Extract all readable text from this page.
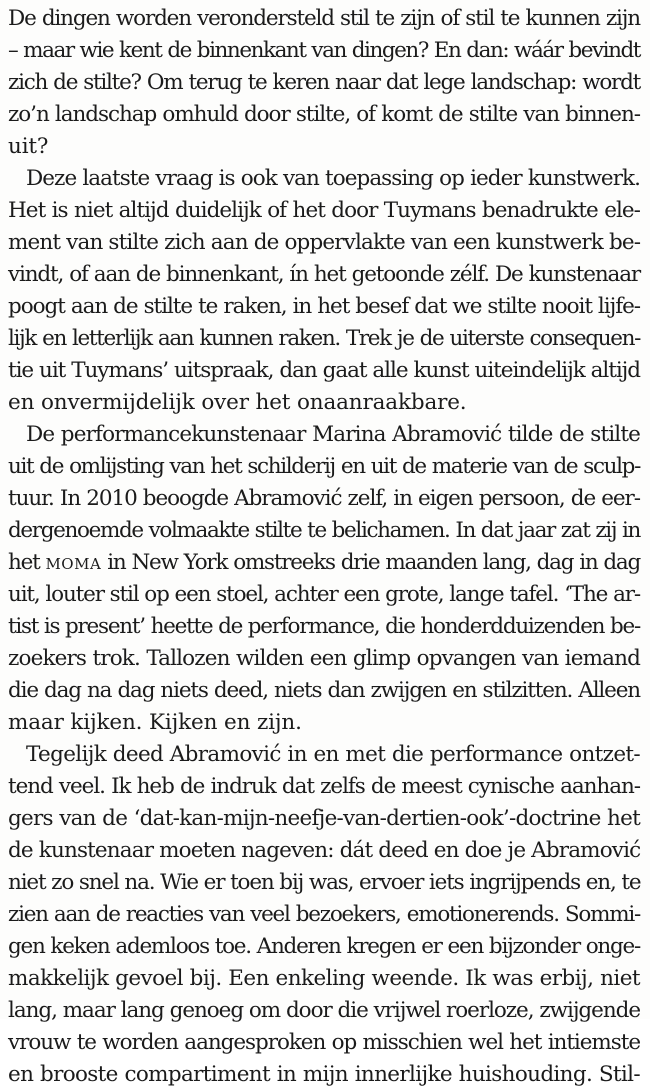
De dingen worden verondersteld stil te zijn of stil te kunnen zijn
– maar wie kent de binnenkant van dingen? En dan: wáár bevindt
zich de stilte? Om terug te keren naar dat lege landschap: wordt
zo’n landschap omhuld door stilte, of komt de stilte van binnen-
uit?
Deze laatste vraag is ook van toepassing op ieder kunstwerk.
Het is niet altijd duidelijk of het door Tuymans benadrukte ele-
ment van stilte zich aan de oppervlakte van een kunstwerk be-
vindt, of aan de binnenkant, ín het getoonde zélf. De kunstenaar
poogt aan de stilte te raken, in het besef dat we stilte nooit lijfe-
lijk en letterlijk aan kunnen raken. Trek je de uiterste consequen-
tie uit Tuymans’ uitspraak, dan gaat alle kunst uiteindelijk altijd
en onvermijdelijk over het onaanraakbare.
De performancekunstenaar Marina Abramović tilde de stilte
uit de omlijsting van het schilderij en uit de materie van de sculp-
tuur. In 2010 beoogde Abramović zelf, in eigen persoon, de eer-
dergenoemde volmaakte stilte te belichamen. In dat jaar zat zij in
het moma in New York omstreeks drie maanden lang, dag in dag
uit, louter stil op een stoel, achter een grote, lange tafel. ‘The ar-
tist is present’ heette de performance, die honderdduizenden be-
zoekers trok. Tallozen wilden een glimp opvangen van iemand
die dag na dag niets deed, niets dan zwijgen en stilzitten. Alleen
maar kijken. Kijken en zijn.
Tegelijk deed Abramović in en met die performance ontzet-
tend veel. Ik heb de indruk dat zelfs de meest cynische aanhan-
gers van de ‘dat-kan-mijn-neefje-van-dertien-ook’-doctrine het
de kunstenaar moeten nageven: dát deed en doe je Abramović
niet zo snel na. Wie er toen bij was, ervoer iets ingrijpends en, te
zien aan de reacties van veel bezoekers, emotionerends. Sommi-
gen keken ademloos toe. Anderen kregen er een bijzonder onge-
makkelijk gevoel bij. Een enkeling weende. Ik was erbij, niet
lang, maar lang genoeg om door die vrijwel roerloze, zwijgende
vrouw te worden aangesproken op misschien wel het intiemste
en brooste compartiment in mijn innerlijke huishouding. Stil-
